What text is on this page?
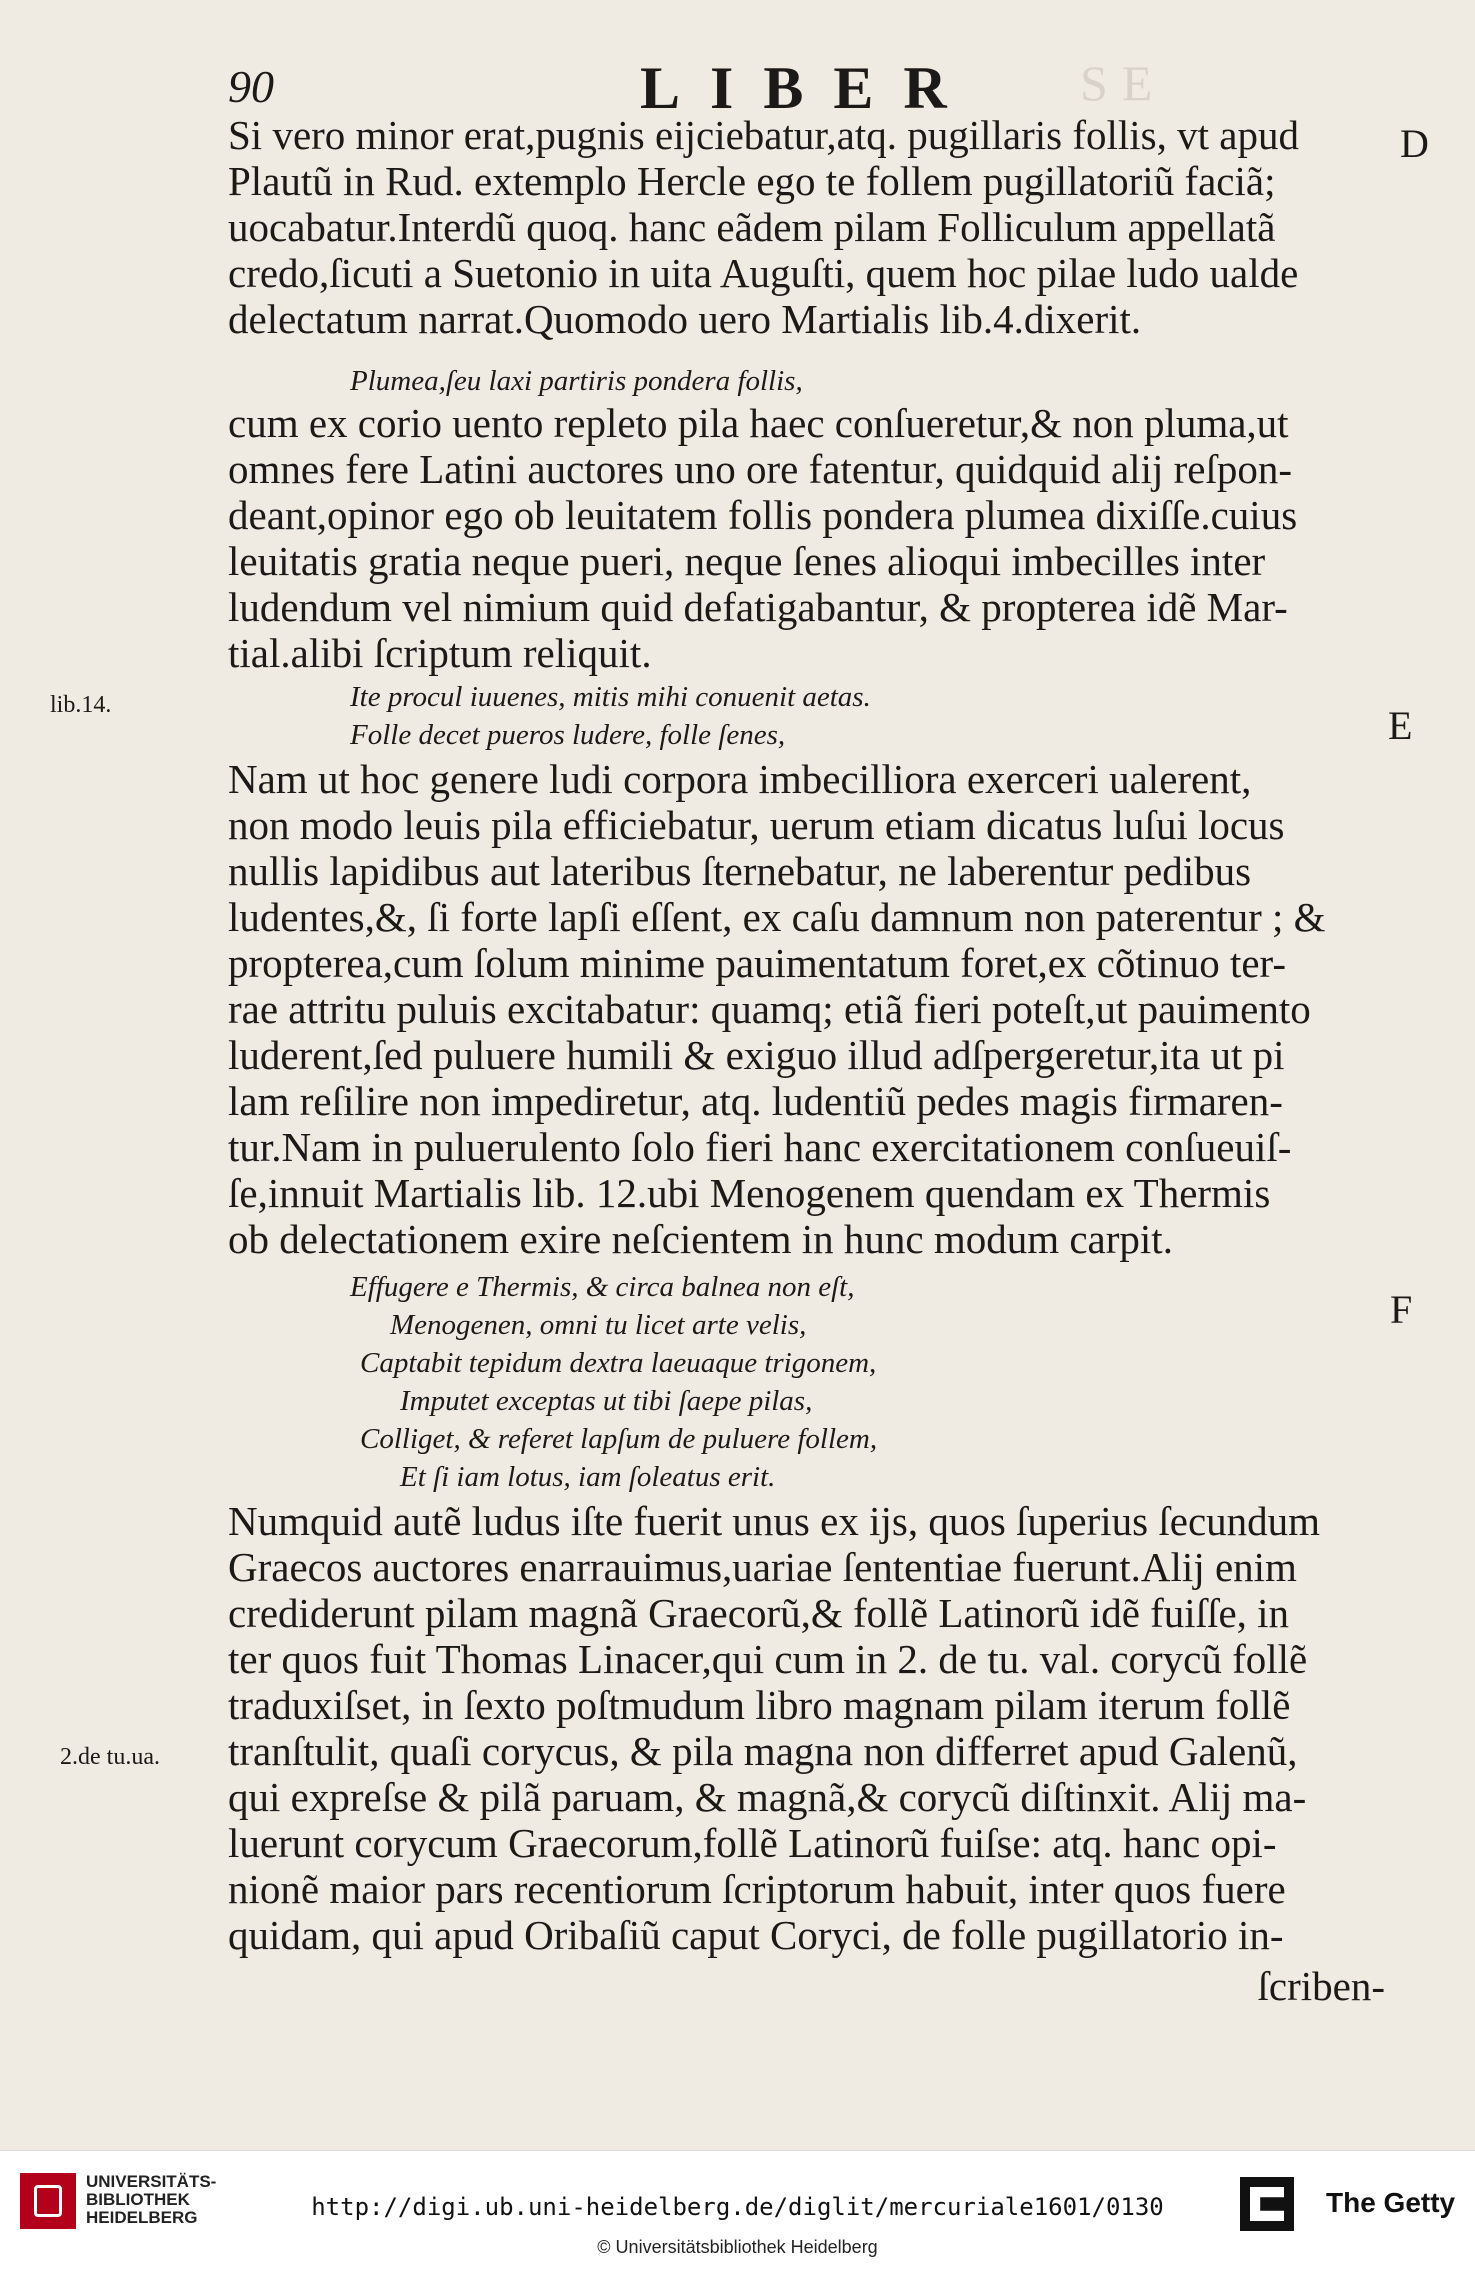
90	LIBER SE
Si vero minor erat,pugnis eijciebatur,atq. pugillaris follis, vt apud
Plautũ in Rud. extemplo Hercle ego te follem pugillatoriũ faciã;
uocabatur.Interdũ quoq. hanc eãdem pilam Folliculum appellatã
credo,ſicuti a Suetonio in uita Auguſti, quem hoc pilae ludo ualde
delectatum narrat.Quomodo uero Martialis lib.4.dixerit.
Plumea,ſeu laxi partiris pondera follis,
cum ex corio uento repleto pila haec conſueretur,& non pluma,ut
omnes fere Latini auctores uno ore fatentur, quidquid alij reſpon-
deant,opinor ego ob leuitatem follis pondera plumea dixiſſe.cuius
leuitatis gratia neque pueri, neque ſenes alioqui imbecilles inter
ludendum vel nimium quid defatigabantur, & propterea idẽ Mar-
tial.alibi ſcriptum reliquit.
lib.14.	Ite procul iuuenes, mitis mihi conuenit aetas.
Folle decet pueros ludere, folle ſenes,
Nam ut hoc genere ludi corpora imbecilliora exerceri ualerent,
non modo leuis pila efficiebatur, uerum etiam dicatus luſui locus
nullis lapidibus aut lateribus ſternebatur, ne laberentur pedibus
ludentes,&, ſi forte lapſi eſſent, ex caſu damnum non paterentur ; &
propterea,cum ſolum minime pauimentatum foret,ex cõtinuo ter-
rae attritu puluis excitabatur: quamq; etiã fieri poteſt,ut pauimento
luderent,ſed puluere humili & exiguo illud adſpergeretur,ita ut pi
lam reſilire non impediretur, atq. ludentiũ pedes magis firmaren-
tur.Nam in puluerulento ſolo fieri hanc exercitationem conſueuiſ-
ſe,innuit Martialis lib. 12.ubi Menogenem quendam ex Thermis
ob delectationem exire neſcientem in hunc modum carpit.
Effugere e Thermis, & circa balnea non eſt,
Menogenen, omni tu licet arte velis,
Captabit tepidum dextra laeuaque trigonem,
Imputet exceptas ut tibi ſaepe pilas,
Colliget, & referet lapſum de puluere follem,
Et ſi iam lotus, iam ſoleatus erit.
Numquid autẽ ludus iſte fuerit unus ex ijs, quos ſuperius ſecundum
Graecos auctores enarrauimus,uariae ſententiae fuerunt.Alij enim
crediderunt pilam magnã Graecorũ,& follẽ Latinorũ idẽ fuiſſe, in
ter quos fuit Thomas Linacer,qui cum in 2. de tu. val. corycũ follẽ
traduxiſset, in ſexto poſtmudum libro magnam pilam iterum follẽ
tranſtulit, quaſi corycus, & pila magna non differret apud Galenũ,
qui expreſse & pilã paruam, & magnã,& corycũ diſtinxit. Alij ma-
luerunt corycum Graecorum,follẽ Latinorũ fuiſse: atq. hanc opi-
nionẽ maior pars recentiorum ſcriptorum habuit, inter quos fuere
quidam, qui apud Oribaſiũ caput Coryci, de folle pugillatorio in-
2.de tu.ua.
ſcriben-
D
E
F
UNIVERSITÄTS-
BIBLIOTHEK
HEIDELBERG	http://digi.ub.uni-heidelberg.de/diglit/mercuriale1601/0130
© Universitätsbibliothek Heidelberg
The Getty
